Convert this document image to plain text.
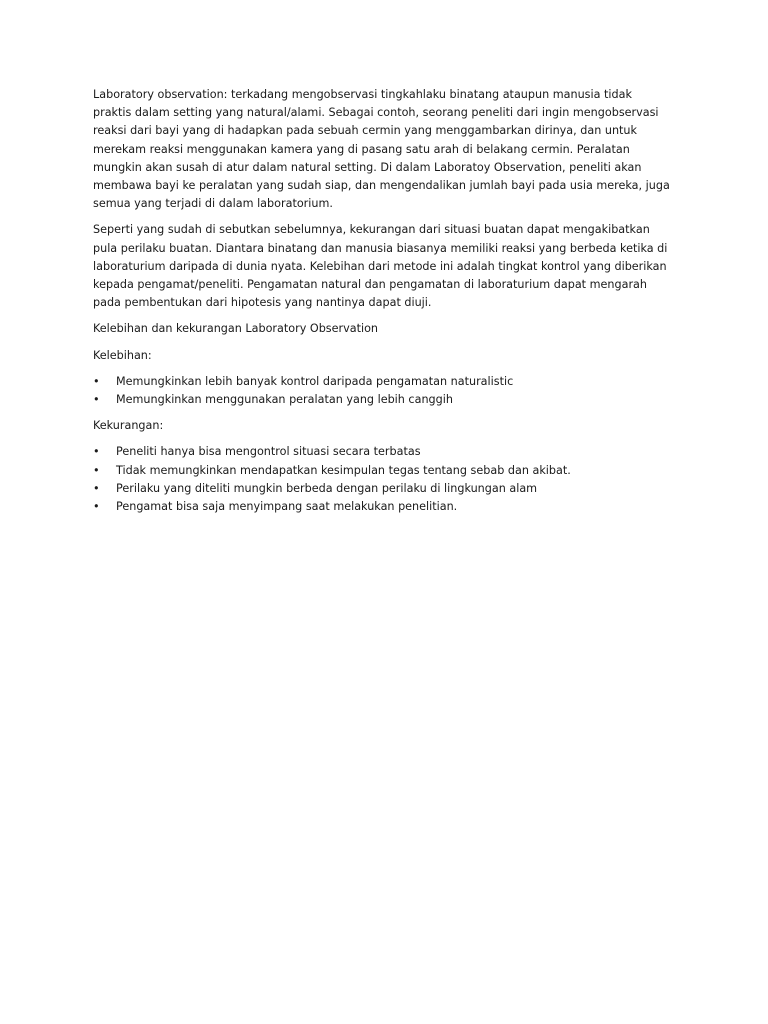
Laboratory observation: terkadang mengobservasi tingkahlaku binatang ataupun manusia tidak praktis dalam setting yang natural/alami. Sebagai contoh, seorang peneliti dari ingin mengobservasi reaksi dari bayi yang di hadapkan pada sebuah cermin yang menggambarkan dirinya, dan untuk merekam reaksi menggunakan kamera yang di pasang satu arah di belakang cermin. Peralatan mungkin akan susah di atur dalam natural setting. Di dalam Laboratoy Observation, peneliti akan membawa bayi ke peralatan yang sudah siap, dan mengendalikan jumlah bayi pada usia mereka, juga semua yang terjadi di dalam laboratorium.

Seperti yang sudah di sebutkan sebelumnya, kekurangan dari situasi buatan dapat mengakibatkan pula perilaku buatan. Diantara binatang dan manusia biasanya memiliki reaksi yang berbeda ketika di laboraturium daripada di dunia nyata. Kelebihan dari metode ini adalah tingkat kontrol yang diberikan kepada pengamat/peneliti. Pengamatan natural dan pengamatan di laboraturium dapat mengarah pada pembentukan dari hipotesis yang nantinya dapat diuji.

Kelebihan dan kekurangan Laboratory Observation

Kelebihan:

•	Memungkinkan lebih banyak kontrol daripada pengamatan naturalistic
•	Memungkinkan menggunakan peralatan yang lebih canggih

Kekurangan:

•	Peneliti hanya bisa mengontrol situasi secara terbatas
•	Tidak memungkinkan mendapatkan kesimpulan tegas tentang sebab dan akibat.
•	Perilaku yang diteliti mungkin berbeda dengan perilaku di lingkungan alam
•	Pengamat bisa saja menyimpang saat melakukan penelitian.
